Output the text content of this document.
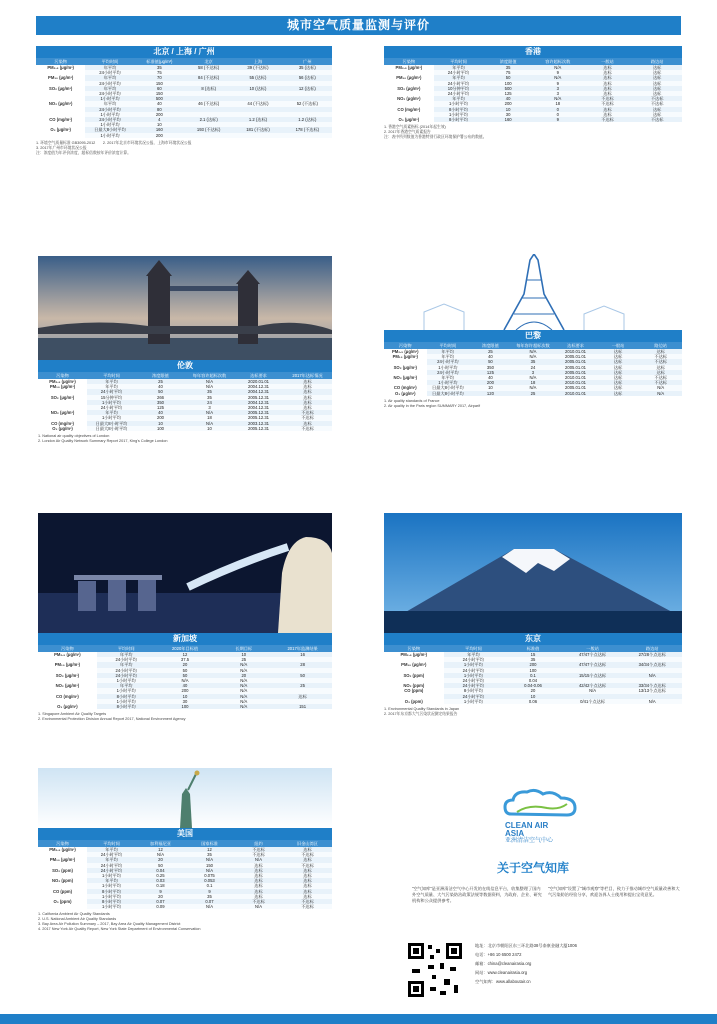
城市空气质量监测与评价
北京 / 上海 / 广州
污染物	平均时间	标准值(μg/m³)	北京	上海	广州
PM₂.₅ (μg/m³)	年平均	35	58 (不达标)	39 (不达标)	35 (达标)
	24小时平均	75			
PM₁₀ (μg/m³)	年平均	70	84 (不达标)	55 (达标)	56 (达标)
	24小时平均	150			
SO₂ (μg/m³)	年平均	60	8 (达标)	10 (达标)	12 (达标)
	24小时平均	150			
	1小时平均	500			
NO₂ (μg/m³)	年平均	40	46 (不达标)	44 (不达标)	52 (不达标)
	24小时平均	80			
	1小时平均	200			
CO (mg/m³)	24小时平均	4	2.1 (达标)	1.2 (达标)	1.2 (达标)
	1小时平均	10			
O₃ (μg/m³)	日最大8小时平均	160	193 (不达标)	181 (不达标)	178 (不达标)
	1小时平均	200			
1. 环境空气质量标准 GB3095-2012　　2. 2017年北京市环境状况公报、上海市环境状况公报
3. 2017年广州市环境状况公报
注：浓度值为年评价浓度，超标倍数按年评价浓度计算。
香港
污染物	平均时间	浓度限值	容许超标次数	一般站	路边站
PM₂.₅ (μg/m³)	年平均	35	N/A	达标	达标
	24小时平均	75	9	达标	达标
PM₁₀ (μg/m³)	年平均	50	N/A	达标	达标
	24小时平均	100	9	达标	达标
SO₂ (μg/m³)	10分钟平均	500	3	达标	达标
	24小时平均	125	3	达标	达标
NO₂ (μg/m³)	年平均	40	N/A	不达标	不达标
	1小时平均	200	18	不达标	不达标
CO (mg/m³)	8小时平均	10	0	达标	达标
	1小时平均	30	0	达标	达标
O₃ (μg/m³)	8小时平均	160	9	不达标	不达标
1. 香港空气质素指标 (2014年起生效)
2. 2017年香港空气质素报告
注：表中所列数值为香港特别行政区环境保护署公布的数值。
伦敦
污染物	平均时间	浓度限值	每年容许超标次数	达标要求	2017年达标情况
PM₂.₅ (μg/m³)	年平均	25	N/A	2020.01.01	达标
PM₁₀ (μg/m³)	年平均	40	N/A	2004.12.31	达标
	24小时平均	50	35	2004.12.31	达标
SO₂ (μg/m³)	15分钟平均	266	35	2005.12.31	达标
	1小时平均	350	24	2004.12.31	达标
	24小时平均	125	3	2004.12.31	达标
NO₂ (μg/m³)	年平均	40	N/A	2005.12.31	不达标
	1小时平均	200	18	2005.12.31	不达标
CO (mg/m³)	日最大8小时平均	10	N/A	2003.12.31	达标
O₃ (μg/m³)	日最大8小时平均	100	10	2005.12.31	不达标
1. National air quality objectives of London
2. London Air Quality Network Summary Report 2017, King's College London
巴黎
污染物	平均时间	浓度限值	每年容许超标次数	达标要求	一般站	路边站
PM₂.₅ (μg/m³)	年平均	25	N/A	2010.01.01	达标	达标
PM₁₀ (μg/m³)	年平均	40	N/A	2005.01.01	达标	不达标
	24小时平均	50	35	2005.01.01	达标	不达标
SO₂ (μg/m³)	1小时平均	350	24	2005.01.01	达标	达标
	24小时平均	125	3	2005.01.01	达标	达标
NO₂ (μg/m³)	年平均	40	N/A	2010.01.01	达标	不达标
	1小时平均	200	18	2010.01.01	达标	不达标
CO (mg/m³)	日最大8小时平均	10	N/A	2005.01.01	达标	N/A
O₃ (μg/m³)	日最大8小时平均	120	25	2010.01.01	达标	N/A
1. Air quality standards of France
2. Air quality in the Paris region SUMMARY 2017, Airparif
新加坡
污染物	平均时间	2020年目标值	长期目标	2017年监测结果
PM₂.₅ (μg/m³)	年平均	12	10	16
	24小时平均	37.5	25	
PM₁₀ (μg/m³)	年平均	20	N/A	28
	24小时平均	50	N/A	
SO₂ (μg/m³)	24小时平均	50	20	50
	1小时平均	N/A	N/A	
NO₂ (μg/m³)	年平均	40	N/A	25
	1小时平均	200	N/A	
CO (mg/m³)	8小时平均	10	N/A	达标
	1小时平均	30	N/A	
O₃ (μg/m³)	8小时平均	100	N/A	151
1. Singapore Ambient Air Quality Targets
2. Environmental Protection Division Annual Report 2017, National Environment Agency
东京
污染物	平均时间	标准值	一般站	路边站
PM₂.₅ (μg/m³)	年平均	15	47/47个点达标	27/28个点达标
	24小时平均	35		
PM₁₀ (μg/m³)	1小时平均	200	47/47个点达标	34/34个点达标
	24小时平均	100		
SO₂ (ppm)	1小时平均	0.1	15/15个点达标	N/A
	24小时平均	0.04		
NO₂ (ppm)	24小时平均	0.04-0.06	42/42个点达标	33/34个点达标
CO (ppm)	8小时平均	20	N/A	13/13个点达标
	24小时平均	10		
O₃ (ppm)	1小时平均	0.06	0/41个点达标	N/A
1. Environmental Quality Standards in Japan
2. 2017年东京都大气污染状况测定结果报告
美国
污染物	平均时间	加利福尼亚	国家标准	纽约	旧金山湾区
PM₂.₅ (μg/m³)	年平均	12	12	不达标	达标
	24小时平均	N/A	35	不达标	不达标
PM₁₀ (μg/m³)	年平均	20	N/A	N/A	达标
	24小时平均	50	150	达标	不达标
SO₂ (ppm)	24小时平均	0.04	N/A	达标	达标
	1小时平均	0.25	0.075	达标	达标
NO₂ (ppm)	年平均	0.03	0.053	达标	达标
	1小时平均	0.18	0.1	达标	达标
CO (ppm)	8小时平均	9	9	达标	达标
	1小时平均	20	35	达标	达标
O₃ (ppm)	8小时平均	0.07	0.07	不达标	不达标
	1小时平均	0.09	N/A	N/A	不达标
1. California Ambient Air Quality Standards
2. U.S. National Ambient Air Quality Standards
3. Bay Area Air Pollution Summary – 2017, Bay Area Air Quality Management District
4. 2017 New York Air Quality Report, New York State Department of Environmental Conservation
CLEAN AIR
ASIA
亚洲清洁空气中心
关于空气知库
"空气知库"是亚洲清洁空气中心开发的在线信息平台，收集整理了国内外空气质量、大气污染防治政策法规等数据资料，为政府、企业、研究机构和公众提供参考。
"空气知库"设置了"城市观察"等栏目，致力于推动城市空气质量改善和大气污染防治经验分享，欢迎各界人士使用和提出宝贵意见。
地址：北京市朝阳区东三环北路38号泰康金融大厦1006
电话：+86 10 6500 2472
邮箱：china@cleanairasia.org
网站：www.cleanairasia.org
空气知库：www.allaboutair.cn
